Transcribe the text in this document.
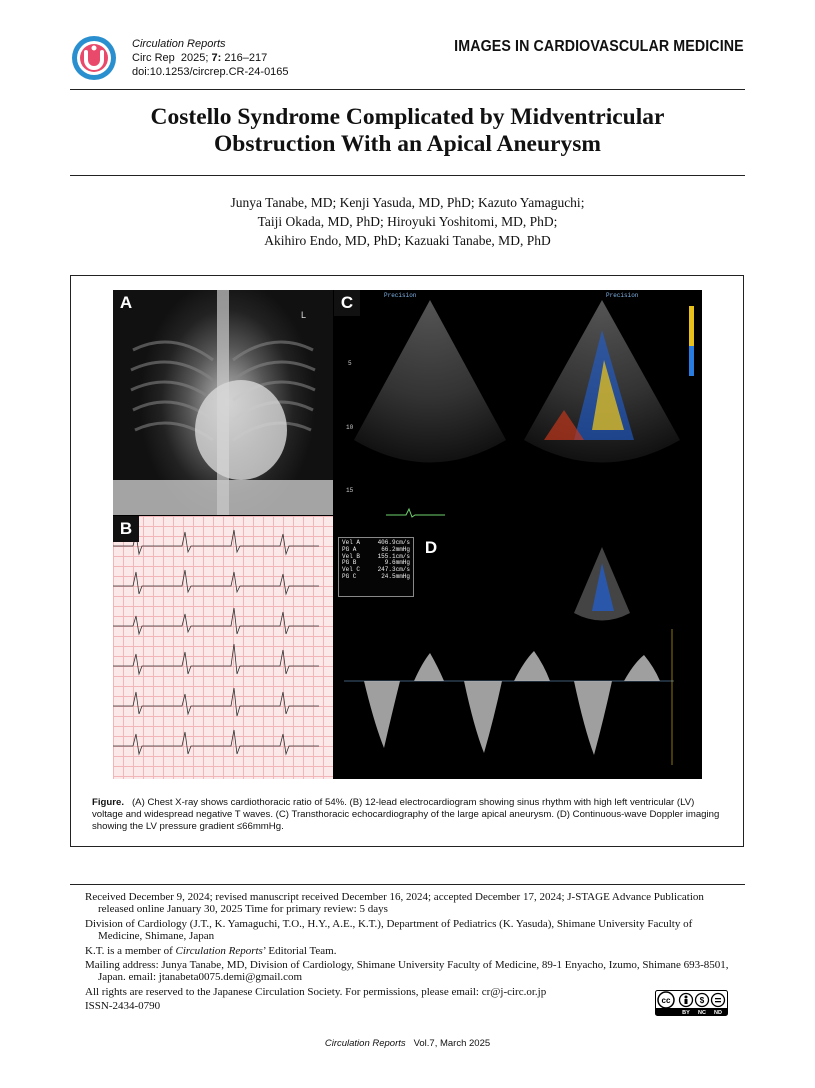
Circulation Reports
Circ Rep 2025; 7: 216–217
doi:10.1253/circrep.CR-24-0165
IMAGES IN CARDIOVASCULAR MEDICINE
Costello Syndrome Complicated by Midventricular
Obstruction With an Apical Aneurysm
Junya Tanabe, MD; Kenji Yasuda, MD, PhD; Kazuto Yamaguchi;
Taiji Okada, MD, PhD; Hiroyuki Yoshitomi, MD, PhD;
Akihiro Endo, MD, PhD; Kazuaki Tanabe, MD, PhD
L
A	C	Precision	Precision
5
10
15
B
Vel A	406.9cm/s
PG A	66.2mmHg
Vel B	155.1cm/s
PG B	9.6mmHg
Vel C	247.3cm/s
PG C	24.5mmHg
D
Figure. (A) Chest X-ray shows cardiothoracic ratio of 54%. (B) 12-lead electrocardiogram showing sinus rhythm with high left ventricular (LV) voltage and widespread negative T waves. (C) Transthoracic echocardiography of the large apical aneurysm. (D) Continuous-wave Doppler imaging showing the LV pressure gradient ≤66mmHg.

Received December 9, 2024; revised manuscript received December 16, 2024; accepted December 17, 2024; J-STAGE Advance Publication released online January 30, 2025 Time for primary review: 5 days

Division of Cardiology (J.T., K. Yamaguchi, T.O., H.Y., A.E., K.T.), Department of Pediatrics (K. Yasuda), Shimane University Faculty of Medicine, Shimane, Japan

K.T. is a member of Circulation Reports’ Editorial Team.

Mailing address: Junya Tanabe, MD, Division of Cardiology, Shimane University Faculty of Medicine, 89-1 Enyacho, Izumo, Shimane 693-8501, Japan. email: jtanabeta0075.demi@gmail.com

All rights are reserved to the Japanese Circulation Society. For permissions, please email: cr@j-circ.or.jp

ISSN-2434-0790	cc	$
BY NC ND
Circulation Reports Vol.7, March 2025
